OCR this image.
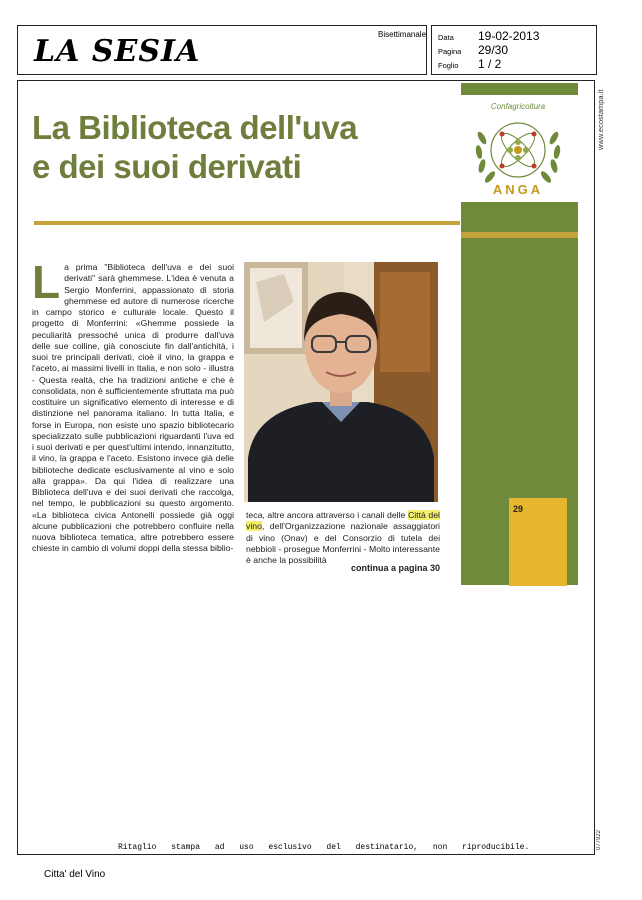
LA SESIA	Bisettimanale Data 19-02-2013
Pagina 29/30
Foglio 1 / 2
www.ecostampa.it
29
La Biblioteca dell'uva
e dei suoi derivati
Confagricoltura
ANGA
L a prima "Biblioteca dell'uva e dei suoi derivati" sarà ghemmese. L'idea è venuta a Sergio Monferrini, appassionato di storia ghemmese ed autore di numerose ricerche in campo storico e culturale locale. Questo il progetto di Monferrini: «Ghemme possiede la peculiarità pressoché unica di produrre dall'uva delle sue colline, già conosciute fin dall'antichità, i suoi tre principali derivati, cioè il vino, la grappa e l'aceto, ai massimi livelli in Italia, e non solo - illustra - Questa realtà, che ha tradizioni antiche e che è consolidata, non è sufficientemente sfruttata ma può costituire un significativo elemento di interesse e di distinzione nel panorama italiano. In tutta Italia, e forse in Europa, non esiste uno spazio bibliotecario specializzato sulle pubblicazioni riguardanti l'uva ed i suoi derivati e per quest'ultimi intendo, innanzitutto, il vino, la grappa e l'aceto. Esistono invece già delle biblioteche dedicate esclusivamente al vino e solo alla grappa». Da qui l'idea di realizzare una Biblioteca dell'uva e dei suoi derivati che raccolga, nel tempo, le pubblicazioni su questo argomento. «La biblioteca civica Antonelli possiede già oggi alcune pubblicazioni che potrebbero confluire nella nuova biblioteca tematica, altre potrebbero essere chieste in cambio di volumi doppi della stessa biblio-
teca, altre ancora attraverso i canali delle Città del vino, dell'Organizzazione nazionale assaggiatori di vino (Onav) e del Consorzio di tutela dei nebbioli - prosegue Monferrini - Molto interessante è anche la possibilità
continua a pagina 30
Ritaglio stampa ad uso esclusivo del destinatario, non riproducibile.	077922
Citta' del Vino
